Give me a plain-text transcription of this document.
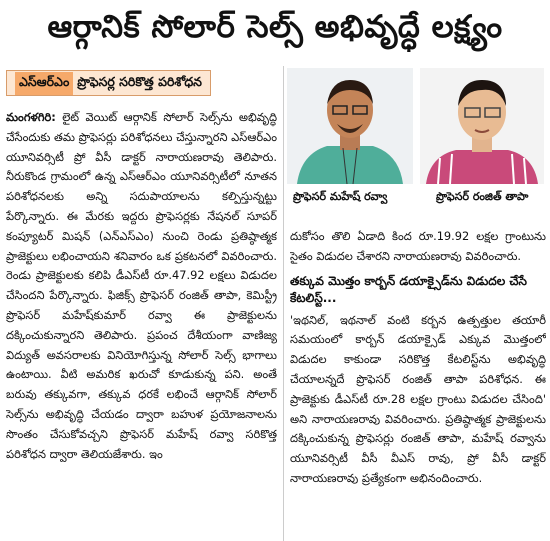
ఆర్గానిక్ సోలార్ సెల్స్ అభివృద్ధే లక్ష్యం
ఎస్ఆర్ఎం ప్రొఫెసర్ల సరికొత్త పరిశోధన

మంగళగిరి: లైట్ వెయిట్ ఆర్గానిక్ సోలార్ సెల్స్‌ను అభివృద్ధి చేసేందుకు తమ ప్రొఫెసర్లు పరిశోధనలు చేస్తున్నారని ఎస్ఆర్ఎం యూనివర్సిటీ ప్రో వీసీ డాక్టర్ నారాయణరావు తెలిపారు. నీరుకొండ గ్రామంలో ఉన్న ఎస్ఆర్ఎం యూనివర్సిటీలో నూతన పరిశోధనలకు అన్ని సదుపాయాలను కల్పిస్తున్నట్టు పేర్కొన్నారు. ఈ మేరకు ఇద్దరు ప్రొఫెసర్లకు నేషనల్ సూపర్ కంప్యూటర్ మిషన్ (ఎన్ఎస్ఎం) నుంచి రెండు ప్రతిష్ఠాత్మక ప్రాజెక్టులు లభించాయని శనివారం ఒక ప్రకటనలో వివరించారు. రెండు ప్రాజెక్టులకు కలిపి డీఎస్‌టీ రూ.47.92 లక్షలు విడుదల చేసిందని పేర్కొన్నారు. ఫిజిక్స్ ప్రొఫెసర్ రంజిత్ తాపా, కెమిస్ట్రీ ప్రొఫెసర్ మహేష్‌కుమార్ రవ్వా ఈ ప్రాజెక్టులను దక్కించుకున్నారని తెలిపారు. ప్రపంచ దేశీయంగా వాణిజ్య విద్యుత్ అవసరాలకు వినియోగిస్తున్న సోలార్ సెల్స్ భాగాలు ఉంటాయి. వీటి అమరిక ఖరుచో కూడుకున్న పని. అంతే బరువు తక్కువగా, తక్కువ ధరకే లభించే ఆర్గానిక్ సోలార్ సెల్స్‌ను అభివృద్ధి చేయడం ద్వారా బహుళ ప్రయోజనాలను సొంతం చేసుకోవచ్చని ప్రొఫెసర్ మహేష్ రవ్వా సరికొత్త పరిశోధన ద్వారా తెలియజేశారు. ఇం

ప్రొఫెసర్ మహేష్ రవ్వా	ప్రొఫెసర్ రంజిత్ తాపా

దుకోసం తొలి ఏడాది కింద రూ.19.92 లక్షల గ్రాంటును సైతం విడుదల చేశారని నారాయణరావు వివరించారు.

తక్కువ మొత్తం కార్బన్ డయాక్సైడ్‌ను విడుదల చేసే కేటలిస్ట్...

'ఇథనిల్, ఇథనాల్ వంటి కర్బన ఉత్పత్తుల తయారీ సమయంలో కార్బన్ డయాక్సైడ్ ఎక్కువ మొత్తంలో విడుదల కాకుండా సరికొత్త కేటలిస్ట్‌ను అభివృద్ధి చేయాలన్నదే ప్రొఫెసర్ రంజిత్ తాపా పరిశోధన. ఈ ప్రాజెక్టుకు డీఎస్‌టీ రూ.28 లక్షల గ్రాంటు విడుదల చేసింది' అని నారాయణరావు వివరించారు. ప్రతిష్ఠాత్మక ప్రాజెక్టులను దక్కించుకున్న ప్రొఫెసర్లు రంజిత్ తాపా, మహేష్ రవ్వాను యూనివర్సిటీ వీసీ వీఎస్ రావు, ప్రో వీసీ డాక్టర్ నారాయణరావు ప్రత్యేకంగా అభినందించారు.
